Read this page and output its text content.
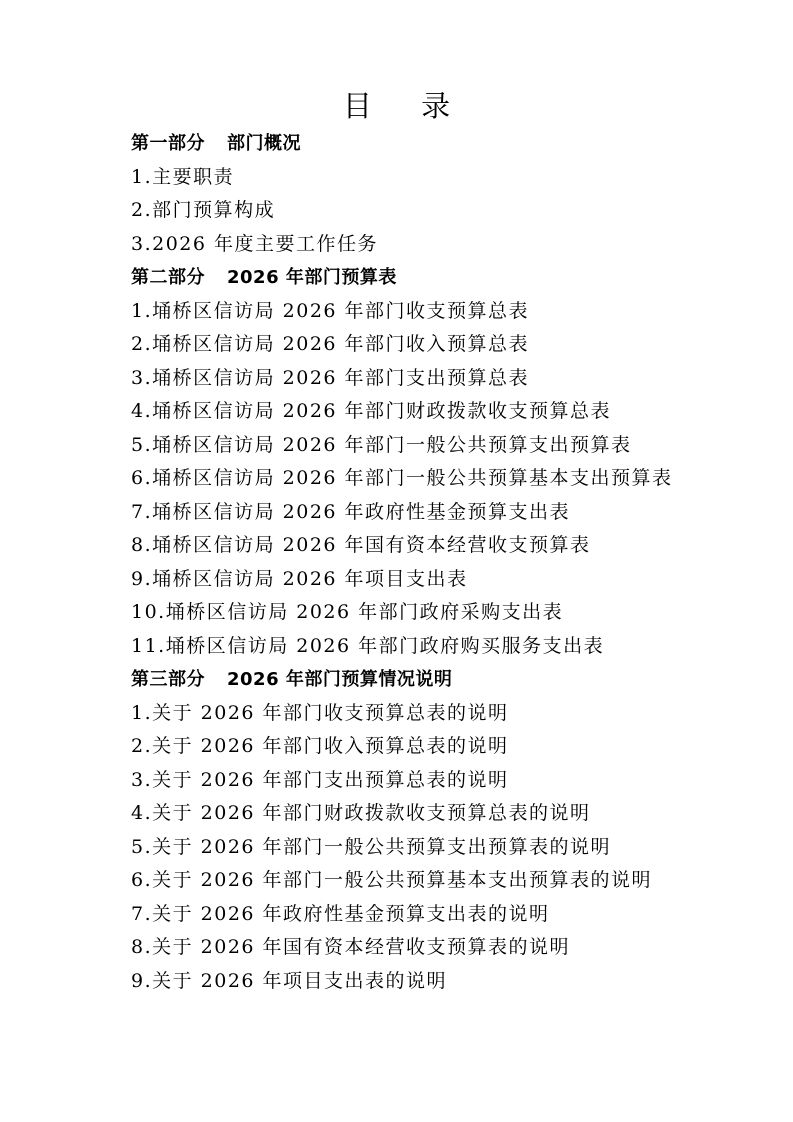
目 录
第一部分 部门概况
1.主要职责
2.部门预算构成
3.2026 年度主要工作任务
第二部分 2026 年部门预算表
1.埇桥区信访局 2026 年部门收支预算总表
2.埇桥区信访局 2026 年部门收入预算总表
3.埇桥区信访局 2026 年部门支出预算总表
4.埇桥区信访局 2026 年部门财政拨款收支预算总表
5.埇桥区信访局 2026 年部门一般公共预算支出预算表
6.埇桥区信访局 2026 年部门一般公共预算基本支出预算表
7.埇桥区信访局 2026 年政府性基金预算支出表
8.埇桥区信访局 2026 年国有资本经营收支预算表
9.埇桥区信访局 2026 年项目支出表
10.埇桥区信访局 2026 年部门政府采购支出表
11.埇桥区信访局 2026 年部门政府购买服务支出表
第三部分 2026 年部门预算情况说明
1.关于 2026 年部门收支预算总表的说明
2.关于 2026 年部门收入预算总表的说明
3.关于 2026 年部门支出预算总表的说明
4.关于 2026 年部门财政拨款收支预算总表的说明
5.关于 2026 年部门一般公共预算支出预算表的说明
6.关于 2026 年部门一般公共预算基本支出预算表的说明
7.关于 2026 年政府性基金预算支出表的说明
8.关于 2026 年国有资本经营收支预算表的说明
9.关于 2026 年项目支出表的说明
